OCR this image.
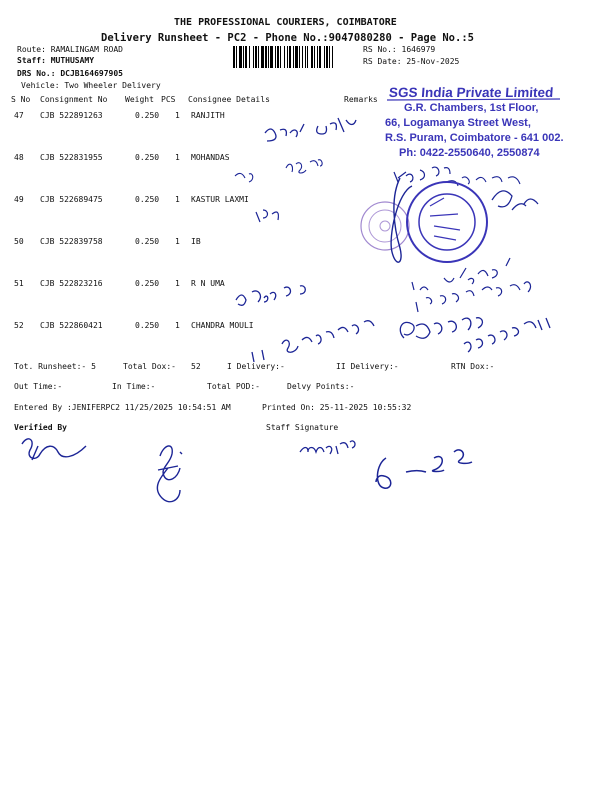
THE PROFESSIONAL COURIERS, COIMBATORE
Delivery Runsheet - PC2 - Phone No.:9047080280 - Page No.:5
Route: RAMALINGAM ROAD
Staff: MUTHUSAMY
DRS No.: DCJB164697905
Vehicle: Two Wheeler Delivery
RS No.: 1646979
RS Date: 25-Nov-2025
S No Consignment No Weight PCS Consignee Details	Remarks
47 CJB 522891263	0.250 1 RANJITH
48 CJB 522831955	0.250 1 MOHANDAS
49 CJB 522689475	0.250 1 KASTUR LAXMI
50 CJB 522839758	0.250 1 IB
51 CJB 522823216	0.250 1 R N UMA
52 CJB 522860421	0.250 1 CHANDRA MOULI
Tot. Runsheet:- 5	Total Dox:- 52	I Delivery:-	II Delivery:-	RTN Dox:-
Out Time:-	In Time:-	Total POD:-	Delvy Points:-
Entered By :JENIFERPC2 11/25/2025 10:54:51 AM	Printed On: 25-11-2025 10:55:32
Verified By	Staff Signature
SGS India Private Limited
G.R. Chambers, 1st Floor,
66, Logamanya Street West,
R.S. Puram, Coimbatore - 641 002.
Ph: 0422-2550640, 2550874
